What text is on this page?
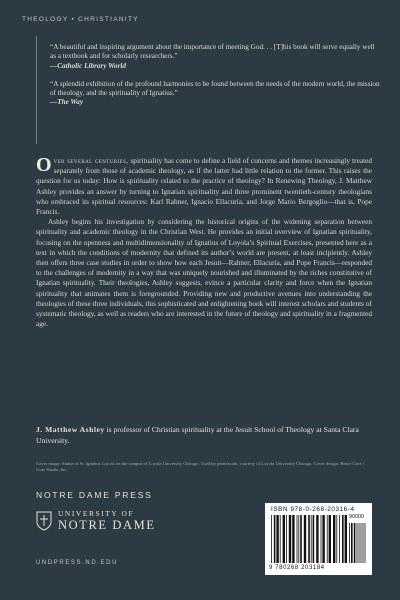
THEOLOGY • CHRISTIANITY

“A beautiful and inspiring argument about the importance of meeting God. . . [T]his book will serve equally well as a textbook and for scholarly researchers.”
—Catholic Library World

“A splendid exhibition of the profound harmonies to be found between the needs of the modern world, the mission of theology, and the spirituality of Ignatius.”
—The Way

Over several centuries, spirituality has come to define a field of concerns and themes increasingly treated separately from those of academic theology, as if the latter had little relation to the former. This raises the question for us today: How is spirituality related to the practice of theology? In Renewing Theology, J. Matthew Ashley provides an answer by turning to Ignatian spirituality and three prominent twentieth-century theologians who embraced its spiritual resources: Karl Rahner, Ignacio Ellacuría, and Jorge Mario Bergoglio—that is, Pope Francis.

Ashley begins his investigation by considering the historical origins of the widening separation between spirituality and academic theology in the Christian West. He provides an initial overview of Ignatian spirituality, focusing on the openness and multidimensionality of Ignatius of Loyola’s Spiritual Exercises, presented here as a text in which the conditions of modernity that defined its author’s world are present, at least incipiently. Ashley then offers three case studies in order to show how each Jesuit—Rahner, Ellacuría, and Pope Francis—responded to the challenges of modernity in a way that was uniquely nourished and illuminated by the riches constitutive of Ignatian spirituality. Their theologies, Ashley suggests, evince a particular clarity and force when the Ignatian spirituality that animates them is foregrounded. Providing new and productive avenues into understanding the theologies of these three individuals, this sophisticated and enlightening book will interest scholars and students of systematic theology, as well as readers who are interested in the future of theology and spirituality in a fragmented age.

J. Matthew Ashley is professor of Christian spirituality at the Jesuit School of Theology at Santa Clara University.
Cover image: Statue of St. Ignatius Loyola on the campus of Loyola University Chicago. Used by permission, courtesy of Loyola University Chicago. Cover design: Bruce Gore | Gore Studio, Inc.
NOTRE DAME PRESS
UNIVERSITY OF
NOTRE DAME
UNDPRESS.ND.EDU
ISBN 978-0-268-20316-4
90000
9 780268 203184
